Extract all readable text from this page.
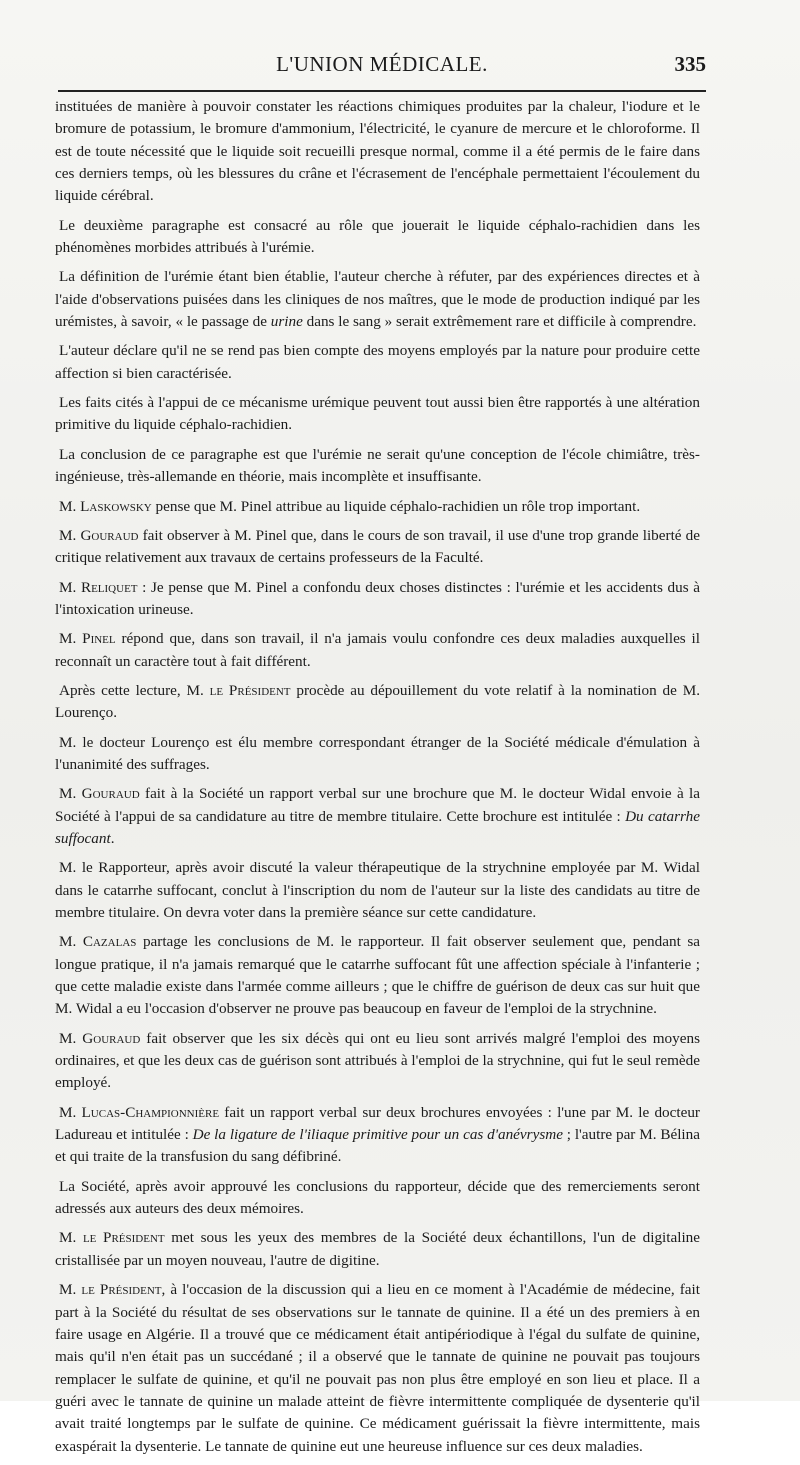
L'UNION MÉDICALE.	335

instituées de manière à pouvoir constater les réactions chimiques produites par la chaleur, l'iodure et le bromure de potassium, le bromure d'ammonium, l'électricité, le cyanure de mercure et le chloroforme. Il est de toute nécessité que le liquide soit recueilli presque normal, comme il a été permis de le faire dans ces derniers temps, où les blessures du crâne et l'écrasement de l'encéphale permettaient l'écoulement du liquide cérébral.

Le deuxième paragraphe est consacré au rôle que jouerait le liquide céphalo-rachidien dans les phénomènes morbides attribués à l'urémie.

La définition de l'urémie étant bien établie, l'auteur cherche à réfuter, par des expériences directes et à l'aide d'observations puisées dans les cliniques de nos maîtres, que le mode de production indiqué par les urémistes, à savoir, « le passage de urine dans le sang » serait extrêmement rare et difficile à comprendre.

L'auteur déclare qu'il ne se rend pas bien compte des moyens employés par la nature pour produire cette affection si bien caractérisée.

Les faits cités à l'appui de ce mécanisme urémique peuvent tout aussi bien être rapportés à une altération primitive du liquide céphalo-rachidien.

La conclusion de ce paragraphe est que l'urémie ne serait qu'une conception de l'école chimiâtre, très-ingénieuse, très-allemande en théorie, mais incomplète et insuffisante.

M. Laskowsky pense que M. Pinel attribue au liquide céphalo-rachidien un rôle trop important.

M. Gouraud fait observer à M. Pinel que, dans le cours de son travail, il use d'une trop grande liberté de critique relativement aux travaux de certains professeurs de la Faculté.

M. Reliquet : Je pense que M. Pinel a confondu deux choses distinctes : l'urémie et les accidents dus à l'intoxication urineuse.

M. Pinel répond que, dans son travail, il n'a jamais voulu confondre ces deux maladies auxquelles il reconnaît un caractère tout à fait différent.

Après cette lecture, M. le Président procède au dépouillement du vote relatif à la nomination de M. Lourenço.

M. le docteur Lourenço est élu membre correspondant étranger de la Société médicale d'émulation à l'unanimité des suffrages.

M. Gouraud fait à la Société un rapport verbal sur une brochure que M. le docteur Widal envoie à la Société à l'appui de sa candidature au titre de membre titulaire. Cette brochure est intitulée : Du catarrhe suffocant.

M. le Rapporteur, après avoir discuté la valeur thérapeutique de la strychnine employée par M. Widal dans le catarrhe suffocant, conclut à l'inscription du nom de l'auteur sur la liste des candidats au titre de membre titulaire. On devra voter dans la première séance sur cette candidature.

M. Cazalas partage les conclusions de M. le rapporteur. Il fait observer seulement que, pendant sa longue pratique, il n'a jamais remarqué que le catarrhe suffocant fût une affection spéciale à l'infanterie ; que cette maladie existe dans l'armée comme ailleurs ; que le chiffre de guérison de deux cas sur huit que M. Widal a eu l'occasion d'observer ne prouve pas beaucoup en faveur de l'emploi de la strychnine.

M. Gouraud fait observer que les six décès qui ont eu lieu sont arrivés malgré l'emploi des moyens ordinaires, et que les deux cas de guérison sont attribués à l'emploi de la strychnine, qui fut le seul remède employé.

M. Lucas-Championnière fait un rapport verbal sur deux brochures envoyées : l'une par M. le docteur Ladureau et intitulée : De la ligature de l'iliaque primitive pour un cas d'anévrysme ; l'autre par M. Bélina et qui traite de la transfusion du sang défibriné.

La Société, après avoir approuvé les conclusions du rapporteur, décide que des remerciements seront adressés aux auteurs des deux mémoires.

M. le Président met sous les yeux des membres de la Société deux échantillons, l'un de digitaline cristallisée par un moyen nouveau, l'autre de digitine.

M. le Président, à l'occasion de la discussion qui a lieu en ce moment à l'Académie de médecine, fait part à la Société du résultat de ses observations sur le tannate de quinine. Il a été un des premiers à en faire usage en Algérie. Il a trouvé que ce médicament était antipériodique à l'égal du sulfate de quinine, mais qu'il n'en était pas un succédané ; il a observé que le tannate de quinine ne pouvait pas toujours remplacer le sulfate de quinine, et qu'il ne pouvait pas non plus être employé en son lieu et place. Il a guéri avec le tannate de quinine un malade atteint de fièvre intermittente compliquée de dysenterie qu'il avait traité longtemps par le sulfate de quinine. Ce médicament guérissait la fièvre intermittente, mais exaspérait la dysenterie. Le tannate de quinine eut une heureuse influence sur ces deux maladies.
